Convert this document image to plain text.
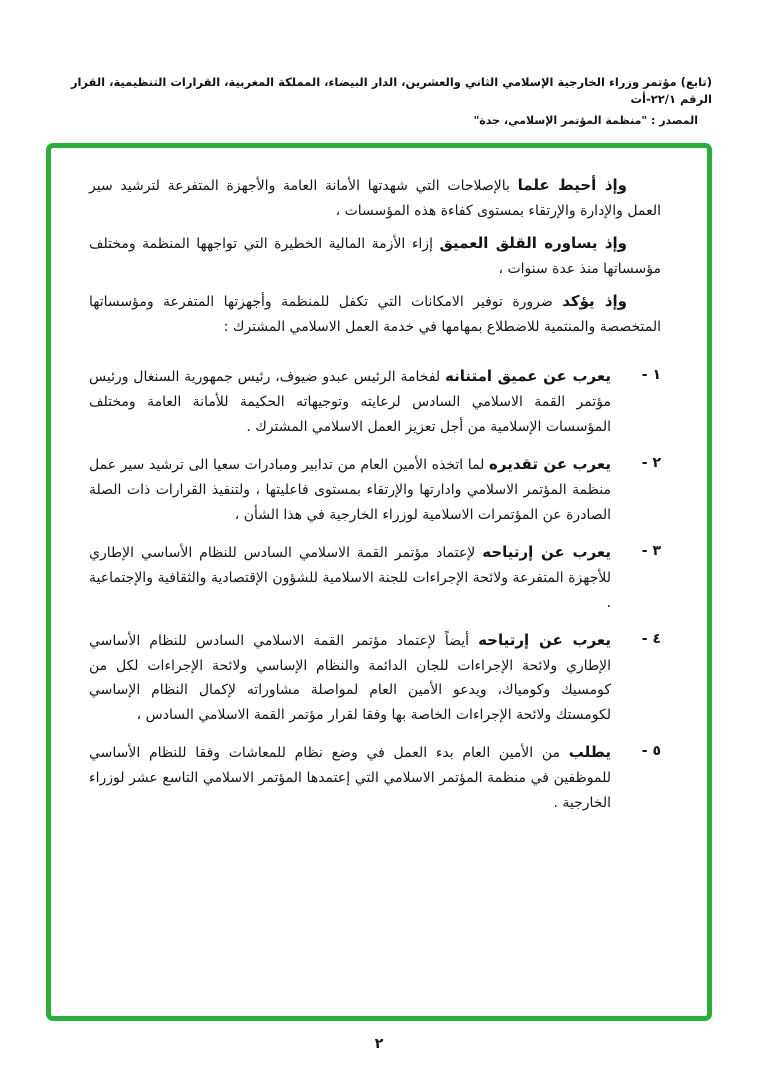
(تابع) مؤتمر وزراء الخارجية الإسلامي الثاني والعشرين، الدار البيضاء، المملكة المغربية، القرارات التنظيمية، القرار الرقم ٢٢/١-أت
المصدر : "منظمة المؤتمر الإسلامي، جدة"

وإذ أحيط علما بالإصلاحات التي شهدتها الأمانة العامة والأجهزة المتفرعة لترشيد سير العمل والإدارة والإرتقاء بمستوى كفاءة هذه المؤسسات ،

وإذ يساوره القلق العميق إزاء الأزمة المالية الخطيرة التي تواجهها المنظمة ومختلف مؤسساتها منذ عدة سنوات ،

وإذ يؤكد ضرورة توفير الامكانات التي تكفل للمنظمة وأجهزتها المتفرعة ومؤسساتها المتخصصة والمنتمية للاضطلاع بمهامها في خدمة العمل الاسلامي المشترك :

١ -
يعرب عن عميق امتنانه لفخامة الرئيس عبدو ضيوف، رئيس جمهورية السنغال ورئيس مؤتمر القمة الاسلامي السادس لرعايته وتوجيهاته الحكيمة للأمانة العامة ومختلف المؤسسات الإسلامية من أجل تعزيز العمل الاسلامي المشترك .
٢ -
يعرب عن تقديره لما اتخذه الأمين العام من تدابير ومبادرات سعيا الى ترشيد سير عمل منظمة المؤتمر الاسلامي وادارتها والإرتقاء بمستوى فاعليتها ، ولتنفيذ القرارات ذات الصلة الصادرة عن المؤتمرات الاسلامية لوزراء الخارجية في هذا الشأن ،
٣ -
يعرب عن إرتياحه لإعتماد مؤتمر القمة الاسلامي السادس للنظام الأساسي الإطاري للأجهزة المتفرعة ولائحة الإجراءات للجنة الاسلامية للشؤون الإقتصادية والثقافية والإجتماعية .
٤ -
يعرب عن إرتياحه أيضاً لإعتماد مؤتمر القمة الاسلامي السادس للنظام الأساسي الإطاري ولائحة الإجراءات للجان الدائمة والنظام الإساسي ولائحة الإجراءات لكل من كومسيك وكومياك، ويدعو الأمين العام لمواصلة مشاوراته لإكمال النظام الإساسي لكومستك ولائحة الإجراءات الخاصة بها وفقا لقرار مؤتمر القمة الاسلامي السادس ،
٥ -
يطلب من الأمين العام بدء العمل في وضع نظام للمعاشات وفقا للنظام الأساسي للموظفين في منظمة المؤتمر الاسلامي التي إعتمدها المؤتمر الاسلامي التاسع عشر لوزراء الخارجية .
٢
